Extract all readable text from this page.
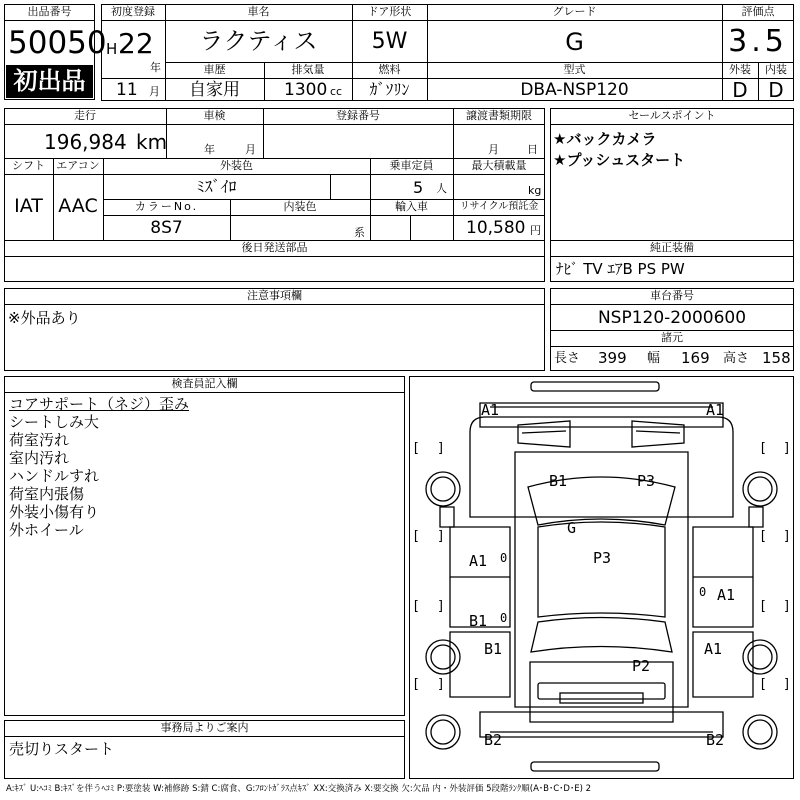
出品番号
50050
初出品
初度登録
H 22
年
11 月
車名
ラクティス
車歴
自家用
排気量
1300 cc
ドア形状
5W
燃料
ｶﾞｿﾘﾝ
グレード
G
型式
DBA-NSP120
評価点
3.5
外装	内装
D	D
走行
196,984 km
車検
年	月
登録番号	譲渡書類期限
月	日
シフト
IAT
エアコン
AAC
外装色
ﾐｽﾞｲﾛ
乗車定員
5 人
最大積載量
kg
カラーNo.
8S7
内装色
系
輸入車	リサイクル預託金
10,580 円
後日発送部品
セールスポイント
★バックカメラ
★プッシュスタート
純正装備
ﾅﾋﾞ TV ｴｱB PS PW
注意事項欄
※外品あり
車台番号
NSP120-2000600
諸元
長さ 399 幅 169 高さ 158
検査員記入欄
コアサポート（ネジ）歪み
シートしみ大
荷室汚れ
室内汚れ
ハンドルすれ
荷室内張傷
外装小傷有り
外ホイール
事務局よりご案内
売切りスタート
[ ]	[ ]
[ ]	[ ]
[ ]	[ ]
[ ]	[ ]
A1	A1
B1	P3
G
A1	P3
A1
B1
B1
P2
A1
B2	B2
0
0
0
A:ｷｽﾞ U:ﾍｺﾐ B:ｷｽﾞを伴うﾍｺﾐ P:要塗装 W:補修跡 S:錆 C:腐食、G:ﾌﾛﾝﾄｶﾞﾗｽ点ｷｽﾞ XX:交換済み X:要交換 欠:欠品 内・外装評価 5段階ﾗﾝｸ順(A･B･C･D･E) 2
